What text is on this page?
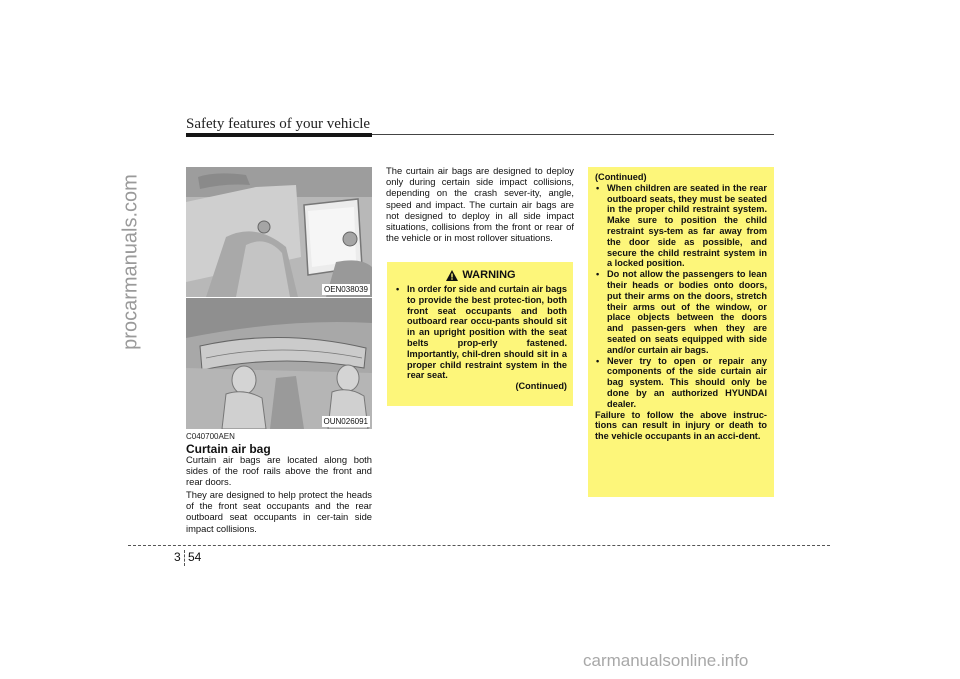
procarmanuals.com
Safety features of your vehicle
OEN038039
OUN026091
C040700AEN
Curtain air bag

Curtain air bags are located along both sides of the roof rails above the front and rear doors.

They are designed to help protect the heads of the front seat occupants and the rear outboard seat occupants in cer-tain side impact collisions.

The curtain air bags are designed to deploy only during certain side impact collisions, depending on the crash sever-ity, angle, speed and impact. The curtain air bags are not designed to deploy in all side impact situations, collisions from the front or rear of the vehicle or in most rollover situations.

WARNING
• In order for side and curtain air bags to provide the best protec-tion, both front seat occupants and both outboard rear occu-pants should sit in an upright position with the seat belts prop-erly fastened. Importantly, chil-dren should sit in a proper child restraint system in the rear seat.
(Continued)
(Continued)
• When children are seated in the rear outboard seats, they must be seated in the proper child restraint system. Make sure to position the child restraint sys-tem as far away from the door side as possible, and secure the child restraint system in a locked position.
• Do not allow the passengers to lean their heads or bodies onto doors, put their arms on the doors, stretch their arms out of the window, or place objects between the doors and passen-gers when they are seated on seats equipped with side and/or curtain air bags.
• Never try to open or repair any components of the side curtain air bag system. This should only be done by an authorized HYUNDAI dealer.
Failure to follow the above instruc-tions can result in injury or death to the vehicle occupants in an acci-dent.
3 54
carmanualsonline.info
